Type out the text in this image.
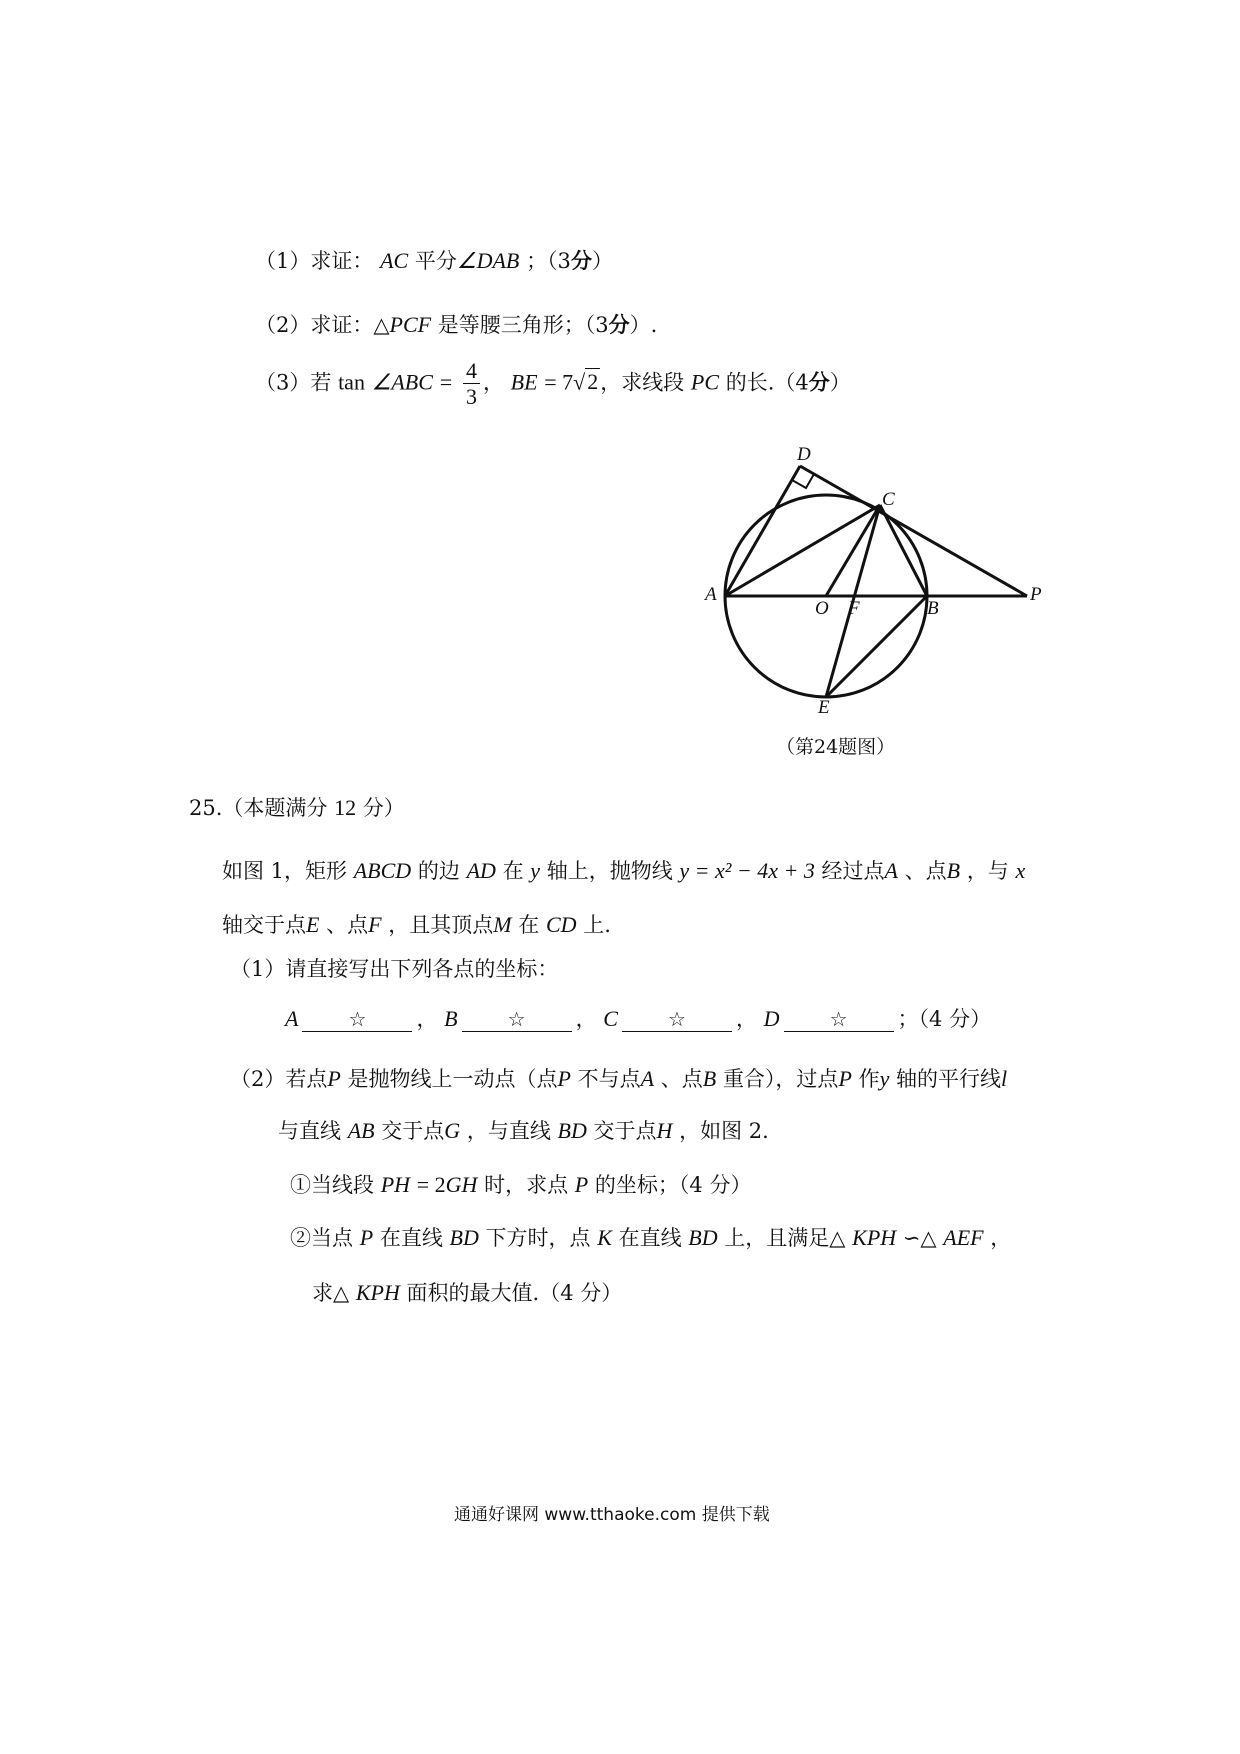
（1）求证： AC 平分∠DAB ；（3分）
（2）求证：△PCF 是等腰三角形；（3分）.
（3）若 tan ∠ABC = $\frac{4}{3}$ ， BE = 7√2，求线段 PC 的长.（4分）
D
C
A
O F	B
P
E
（第24题图）
25.（本题满分 12 分）
如图 1，矩形 ABCD 的边 AD 在 y 轴上，抛物线 y = x² − 4x + 3 经过点A 、点B ，与 x
轴交于点E 、点F ，且其顶点M 在 CD 上.
（1）请直接写出下列各点的坐标：
A	☆ ， B	☆ ， C	☆ ， D	☆ ；（4 分）
（2）若点P 是抛物线上一动点（点P 不与点A 、点B 重合），过点P 作y 轴的平行线l
与直线 AB 交于点G ，与直线 BD 交于点H ，如图 2.
①当线段 PH = 2GH 时，求点 P 的坐标；（4 分）
②当点 P 在直线 BD 下方时，点 K 在直线 BD 上，且满足△ KPH ∽△ AEF ，
求△ KPH 面积的最大值.（4 分）
通通好课网 www.tthaoke.com 提供下载
